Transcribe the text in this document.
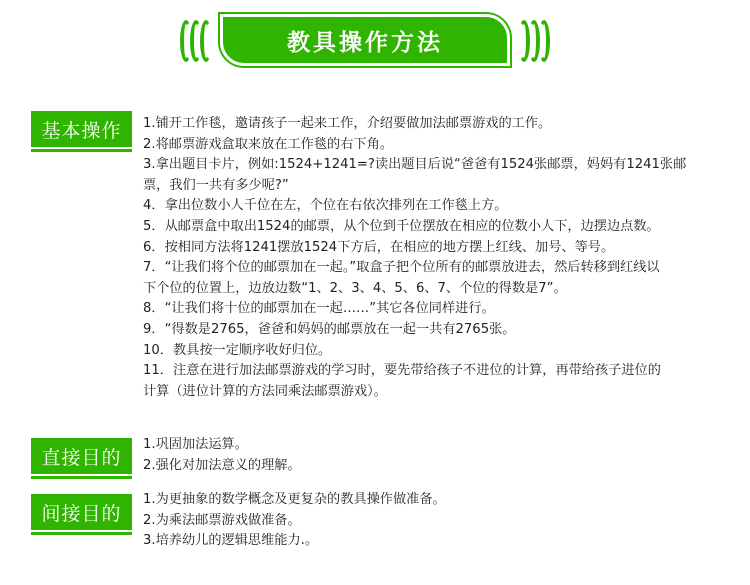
教具操作方法
基本操作	1.铺开工作毯，邀请孩子一起来工作，介绍要做加法邮票游戏的工作。
2.将邮票游戏盒取来放在工作毯的右下角。
3.拿出题目卡片，例如:1524+1241=?读出题目后说“爸爸有1524张邮票，妈妈有1241张邮
票，我们一共有多少呢?”
4．拿出位数小人千位在左，个位在右依次排列在工作毯上方。
5．从邮票盒中取出1524的邮票，从个位到千位摆放在相应的位数小人下，边摆边点数。
6．按相同方法将1241摆放1524下方后，在相应的地方摆上红线、加号、等号。
7．“让我们将个位的邮票加在一起。”取盒子把个位所有的邮票放进去，然后转移到红线以
下个位的位置上，边放边数“1、2、3、4、5、6、7、个位的得数是7”。
8．“让我们将十位的邮票加在一起……”其它各位同样进行。
9．“得数是2765，爸爸和妈妈的邮票放在一起一共有2765张。
10．教具按一定顺序收好归位。
11．注意在进行加法邮票游戏的学习时，要先带给孩子不进位的计算，再带给孩子进位的
计算（进位计算的方法同乘法邮票游戏）。
直接目的
1.巩固加法运算。
2.强化对加法意义的理解。
间接目的
1.为更抽象的数学概念及更复杂的教具操作做准备。
2.为乘法邮票游戏做准备。
3.培养幼儿的逻辑思维能力.。
